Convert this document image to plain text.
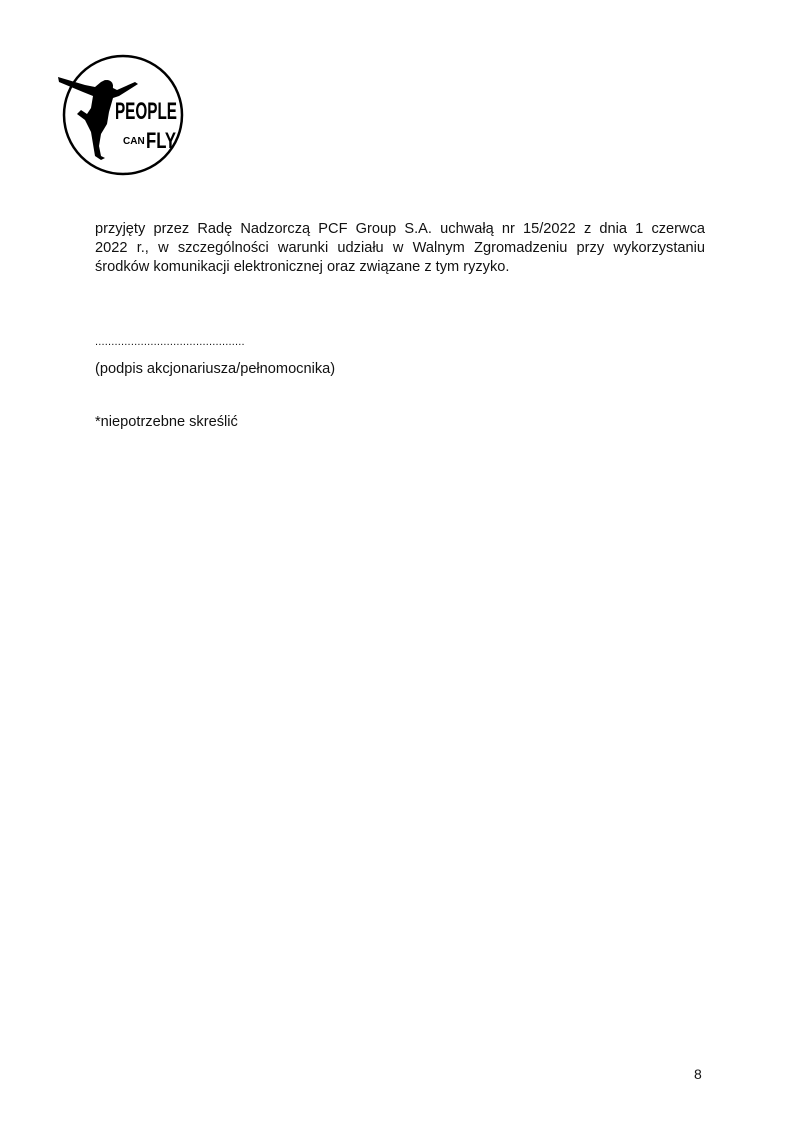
PEOPLE
CAN FLY
przyjęty przez Radę Nadzorczą PCF Group S.A. uchwałą nr 15/2022 z dnia 1 czerwca
2022 r., w szczególności warunki udziału w Walnym Zgromadzeniu przy wykorzystaniu
środków komunikacji elektronicznej oraz związane z tym ryzyko.
..............................................
(podpis akcjonariusza/pełnomocnika)
*niepotrzebne skreślić
8
